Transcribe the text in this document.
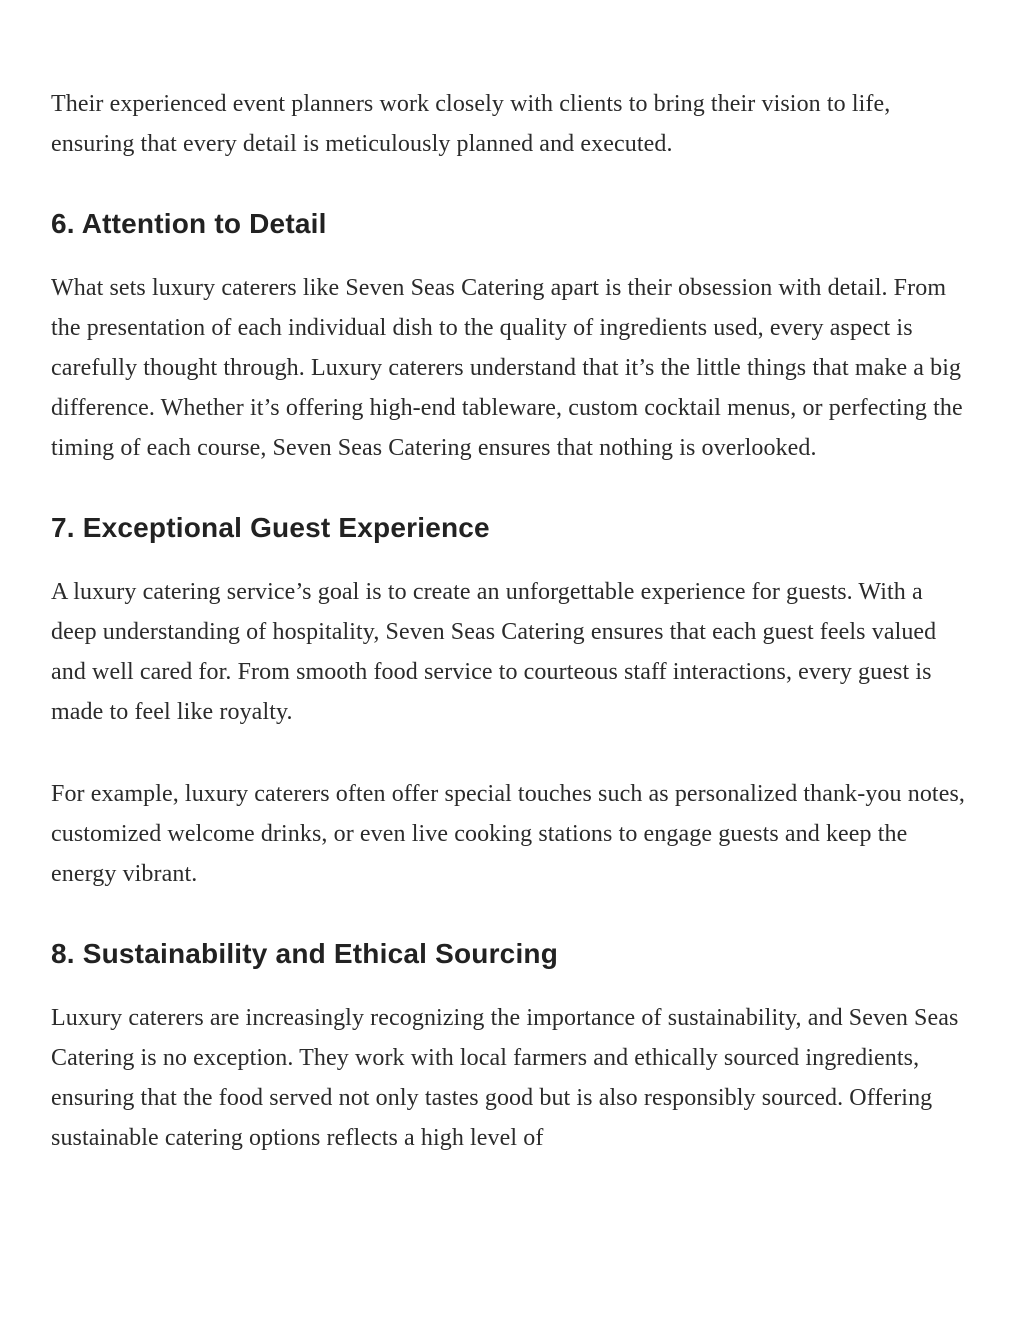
Their experienced event planners work closely with clients to bring their vision to life, ensuring that every detail is meticulously planned and executed.

6. Attention to Detail

What sets luxury caterers like Seven Seas Catering apart is their obsession with detail. From the presentation of each individual dish to the quality of ingredients used, every aspect is carefully thought through. Luxury caterers understand that it’s the little things that make a big difference. Whether it’s offering high-end tableware, custom cocktail menus, or perfecting the timing of each course, Seven Seas Catering ensures that nothing is overlooked.

7. Exceptional Guest Experience

A luxury catering service’s goal is to create an unforgettable experience for guests. With a deep understanding of hospitality, Seven Seas Catering ensures that each guest feels valued and well cared for. From smooth food service to courteous staff interactions, every guest is made to feel like royalty.

For example, luxury caterers often offer special touches such as personalized thank-you notes, customized welcome drinks, or even live cooking stations to engage guests and keep the energy vibrant.

8. Sustainability and Ethical Sourcing

Luxury caterers are increasingly recognizing the importance of sustainability, and Seven Seas Catering is no exception. They work with local farmers and ethically sourced ingredients, ensuring that the food served not only tastes good but is also responsibly sourced. Offering sustainable catering options reflects a high level of
